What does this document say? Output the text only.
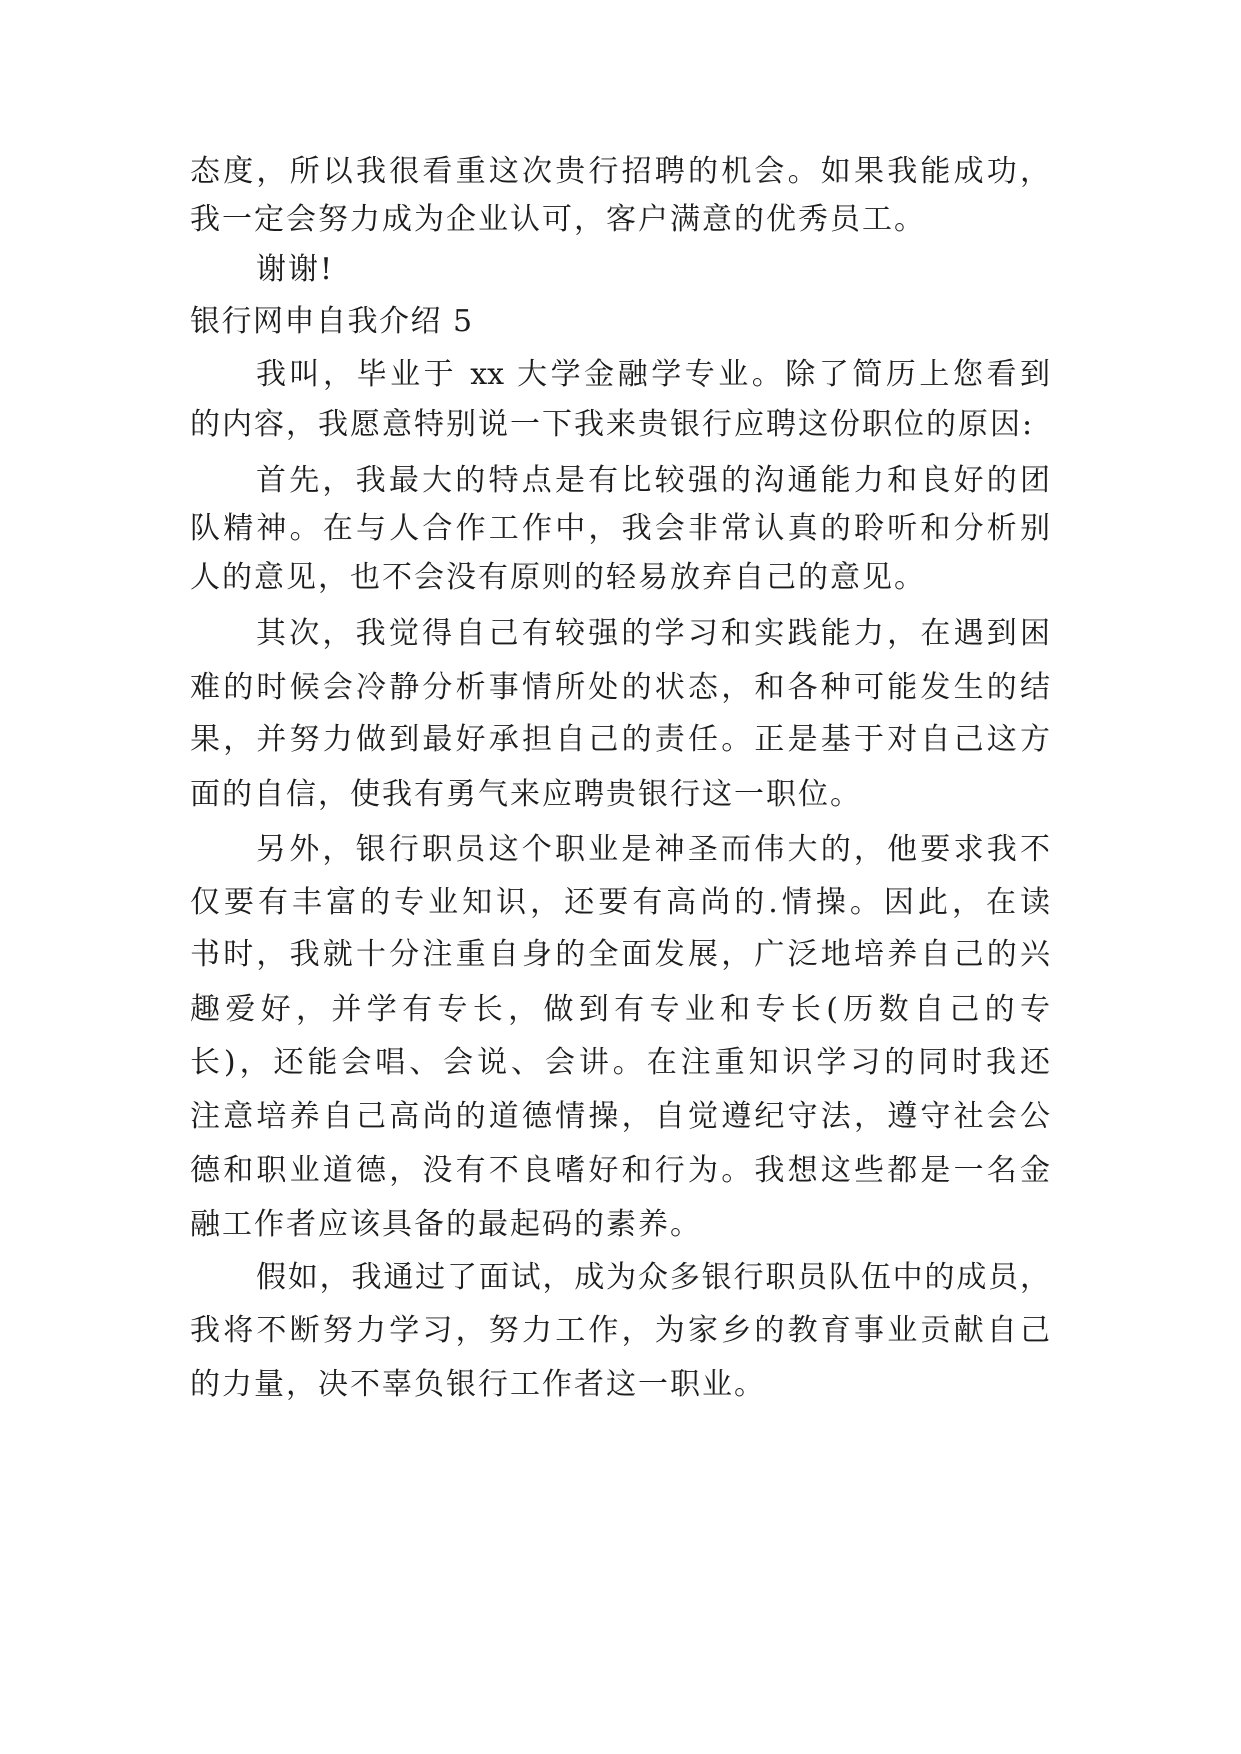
态度，所以我很看重这次贵行招聘的机会。如果我能成功，
我一定会努力成为企业认可，客户满意的优秀员工。
谢谢!
银行网申自我介绍 5
我叫，毕业于 xx 大学金融学专业。除了简历上您看到
的内容，我愿意特别说一下我来贵银行应聘这份职位的原因:
首先，我最大的特点是有比较强的沟通能力和良好的团
队精神。在与人合作工作中，我会非常认真的聆听和分析别
人的意见，也不会没有原则的轻易放弃自己的意见。
其次，我觉得自己有较强的学习和实践能力，在遇到困
难的时候会冷静分析事情所处的状态，和各种可能发生的结
果，并努力做到最好承担自己的责任。正是基于对自己这方
面的自信，使我有勇气来应聘贵银行这一职位。
另外，银行职员这个职业是神圣而伟大的，他要求我不
仅要有丰富的专业知识，还要有高尚的.情操。因此，在读
书时，我就十分注重自身的全面发展，广泛地培养自己的兴
趣爱好，并学有专长，做到有专业和专长(历数自己的专
长)，还能会唱、会说、会讲。在注重知识学习的同时我还
注意培养自己高尚的道德情操，自觉遵纪守法，遵守社会公
德和职业道德，没有不良嗜好和行为。我想这些都是一名金
融工作者应该具备的最起码的素养。
假如，我通过了面试，成为众多银行职员队伍中的成员，
我将不断努力学习，努力工作，为家乡的教育事业贡献自己
的力量，决不辜负银行工作者这一职业。
